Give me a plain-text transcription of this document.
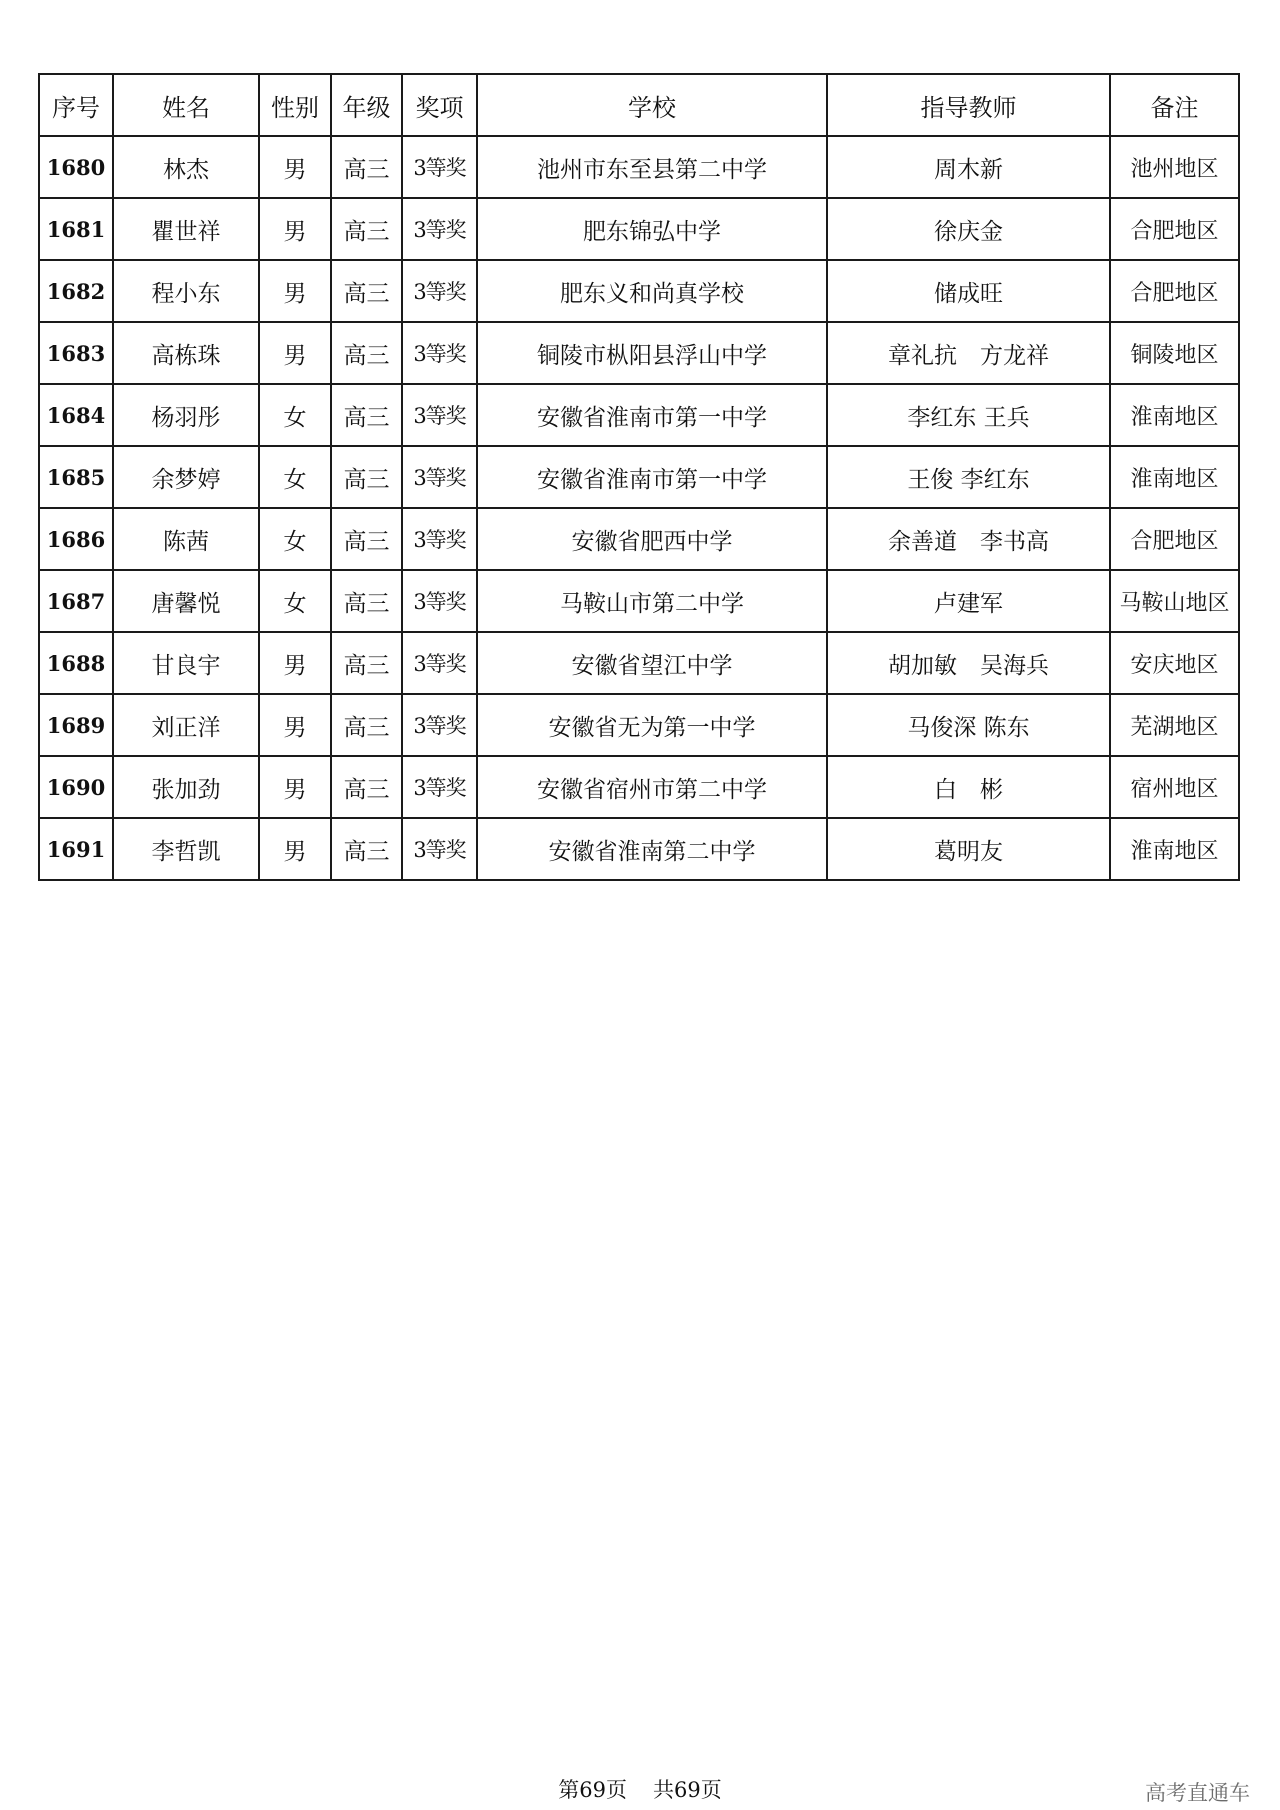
序号	姓名	性别	年级	奖项	学校	指导教师	备注
1680	林杰	男	高三	3等奖	池州市东至县第二中学	周木新	池州地区
1681	瞿世祥	男	高三	3等奖	肥东锦弘中学	徐庆金	合肥地区
1682	程小东	男	高三	3等奖	肥东义和尚真学校	储成旺	合肥地区
1683	高栋珠	男	高三	3等奖	铜陵市枞阳县浮山中学	章礼抗　方龙祥	铜陵地区
1684	杨羽彤	女	高三	3等奖	安徽省淮南市第一中学	李红东 王兵	淮南地区
1685	余梦婷	女	高三	3等奖	安徽省淮南市第一中学	王俊 李红东	淮南地区
1686	陈茜	女	高三	3等奖	安徽省肥西中学	余善道　李书高	合肥地区
1687	唐馨悦	女	高三	3等奖	马鞍山市第二中学	卢建军	马鞍山地区
1688	甘良宇	男	高三	3等奖	安徽省望江中学	胡加敏　吴海兵	安庆地区
1689	刘正洋	男	高三	3等奖	安徽省无为第一中学	马俊深 陈东	芜湖地区
1690	张加劲	男	高三	3等奖	安徽省宿州市第二中学	白　彬	宿州地区
1691	李哲凯	男	高三	3等奖	安徽省淮南第二中学	葛明友	淮南地区
第69页 共69页	高考直通车
